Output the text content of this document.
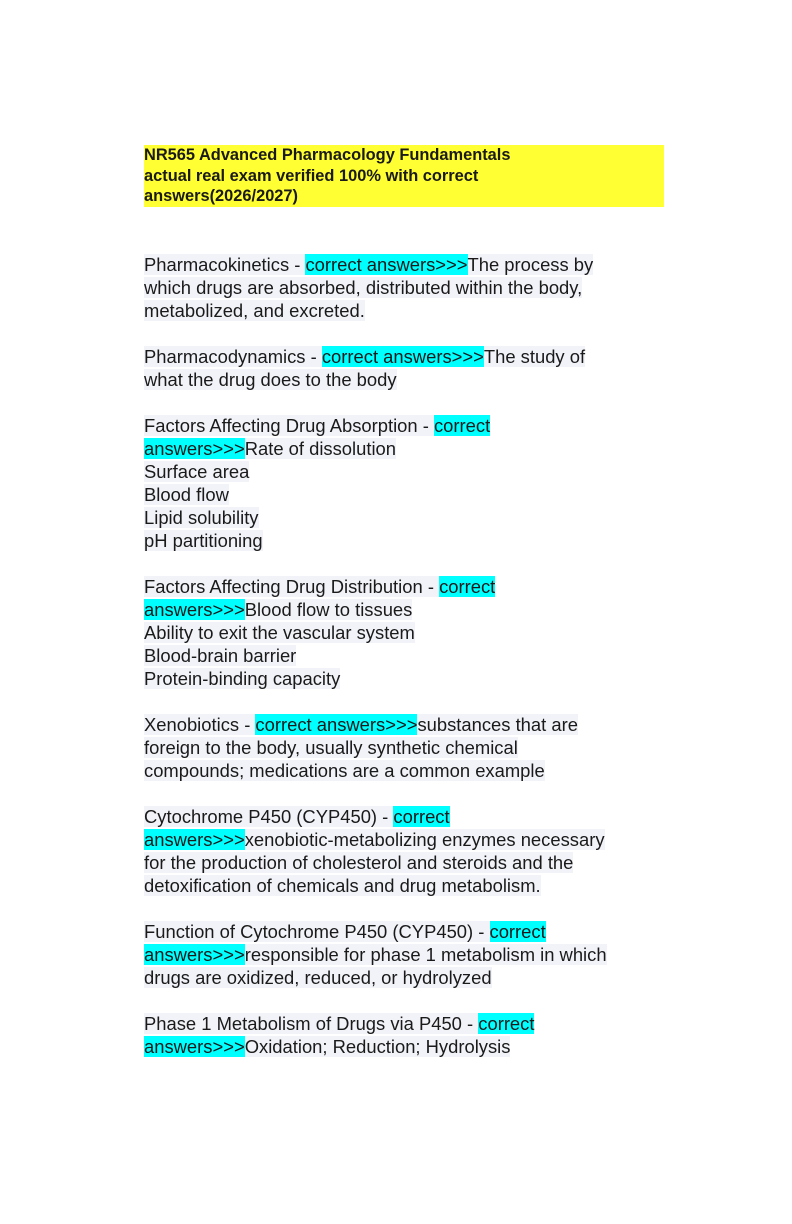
NR565 Advanced Pharmacology Fundamentals
actual real exam verified 100% with correct
answers(2026/2027)
Pharmacokinetics - correct answers>>>The process by
which drugs are absorbed, distributed within the body,
metabolized, and excreted.
Pharmacodynamics - correct answers>>>The study of
what the drug does to the body
Factors Affecting Drug Absorption - correct
answers>>>Rate of dissolution
Surface area
Blood flow
Lipid solubility
pH partitioning
Factors Affecting Drug Distribution - correct
answers>>>Blood flow to tissues
Ability to exit the vascular system
Blood-brain barrier
Protein-binding capacity
Xenobiotics - correct answers>>>substances that are
foreign to the body, usually synthetic chemical
compounds; medications are a common example
Cytochrome P450 (CYP450) - correct
answers>>>xenobiotic-metabolizing enzymes necessary
for the production of cholesterol and steroids and the
detoxification of chemicals and drug metabolism.
Function of Cytochrome P450 (CYP450) - correct
answers>>>responsible for phase 1 metabolism in which
drugs are oxidized, reduced, or hydrolyzed
Phase 1 Metabolism of Drugs via P450 - correct
answers>>>Oxidation; Reduction; Hydrolysis
